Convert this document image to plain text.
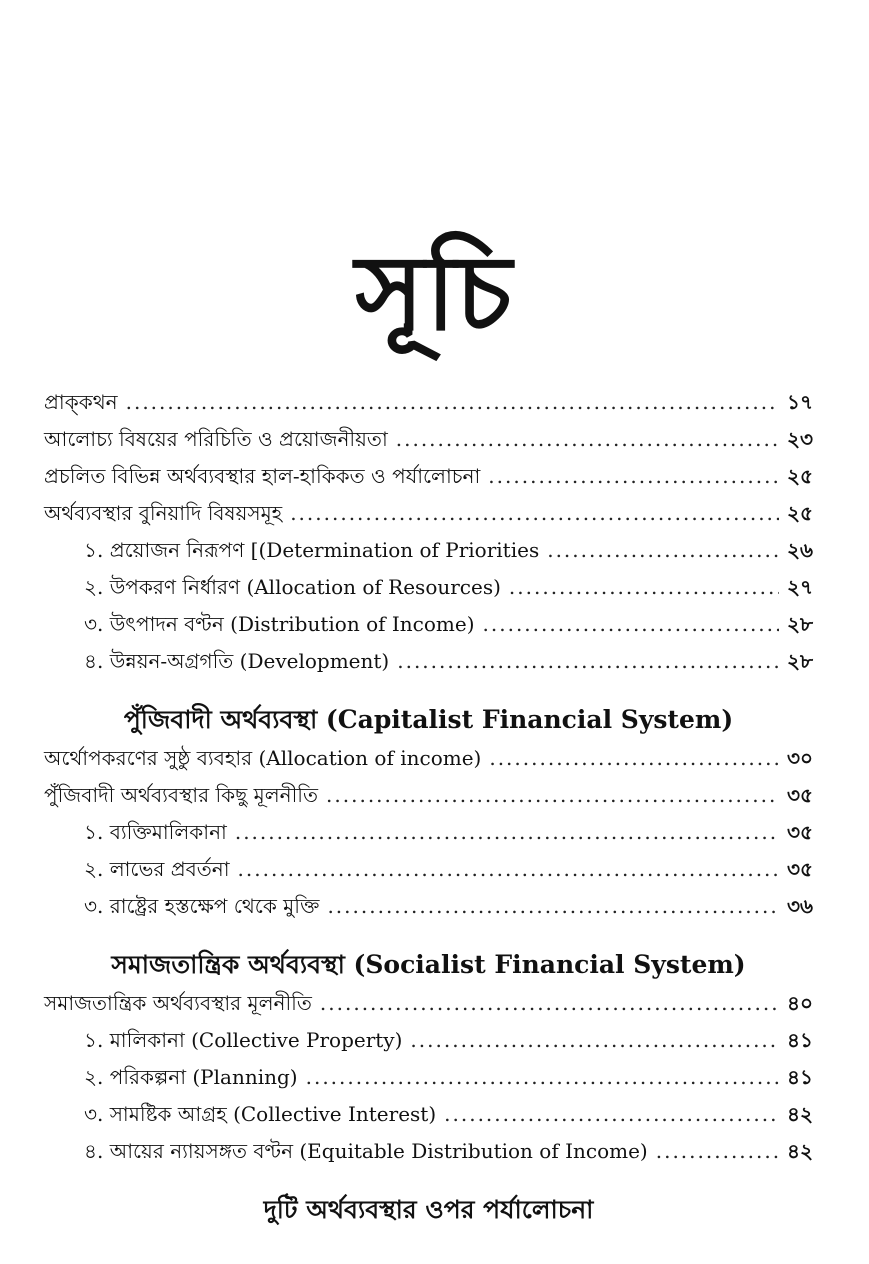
সূচি
প্রাক্‌কথন .....	১৭
আলোচ্য বিষয়ের পরিচিতি ও প্রয়োজনীয়তা .....	২৩
প্রচলিত বিভিন্ন অর্থব্যবস্থার হাল-হাকিকত ও পর্যালোচনা .....	২৫
অর্থব্যবস্থার বুনিয়াদি বিষয়সমূহ .....	২৫
১. প্রয়োজন নিরূপণ [(Determination of Priorities .....	২৬
২. উপকরণ নির্ধারণ (Allocation of Resources) .....	২৭
৩. উৎপাদন বণ্টন (Distribution of Income) .....	২৮
৪. উন্নয়ন-অগ্রগতি (Development) .....	২৮
পুঁজিবাদী অর্থব্যবস্থা (Capitalist Financial System)
অর্থোপকরণের সুষ্ঠু ব্যবহার (Allocation of income) .....	৩০
পুঁজিবাদী অর্থব্যবস্থার কিছু মূলনীতি .....	৩৫
১. ব্যক্তিমালিকানা .....	৩৫
২. লাভের প্রবর্তনা .....	৩৫
৩. রাষ্ট্রের হস্তক্ষেপ থেকে মুক্তি .....	৩৬
সমাজতান্ত্রিক অর্থব্যবস্থা (Socialist Financial System)
সমাজতান্ত্রিক অর্থব্যবস্থার মূলনীতি .....	৪০
১. মালিকানা (Collective Property) .....	৪১
২. পরিকল্পনা (Planning) .....	৪১
৩. সামষ্টিক আগ্রহ (Collective Interest) .....	৪২
৪. আয়ের ন্যায়সঙ্গত বণ্টন (Equitable Distribution of Income) .....	৪২
দুটি অর্থব্যবস্থার ওপর পর্যালোচনা
